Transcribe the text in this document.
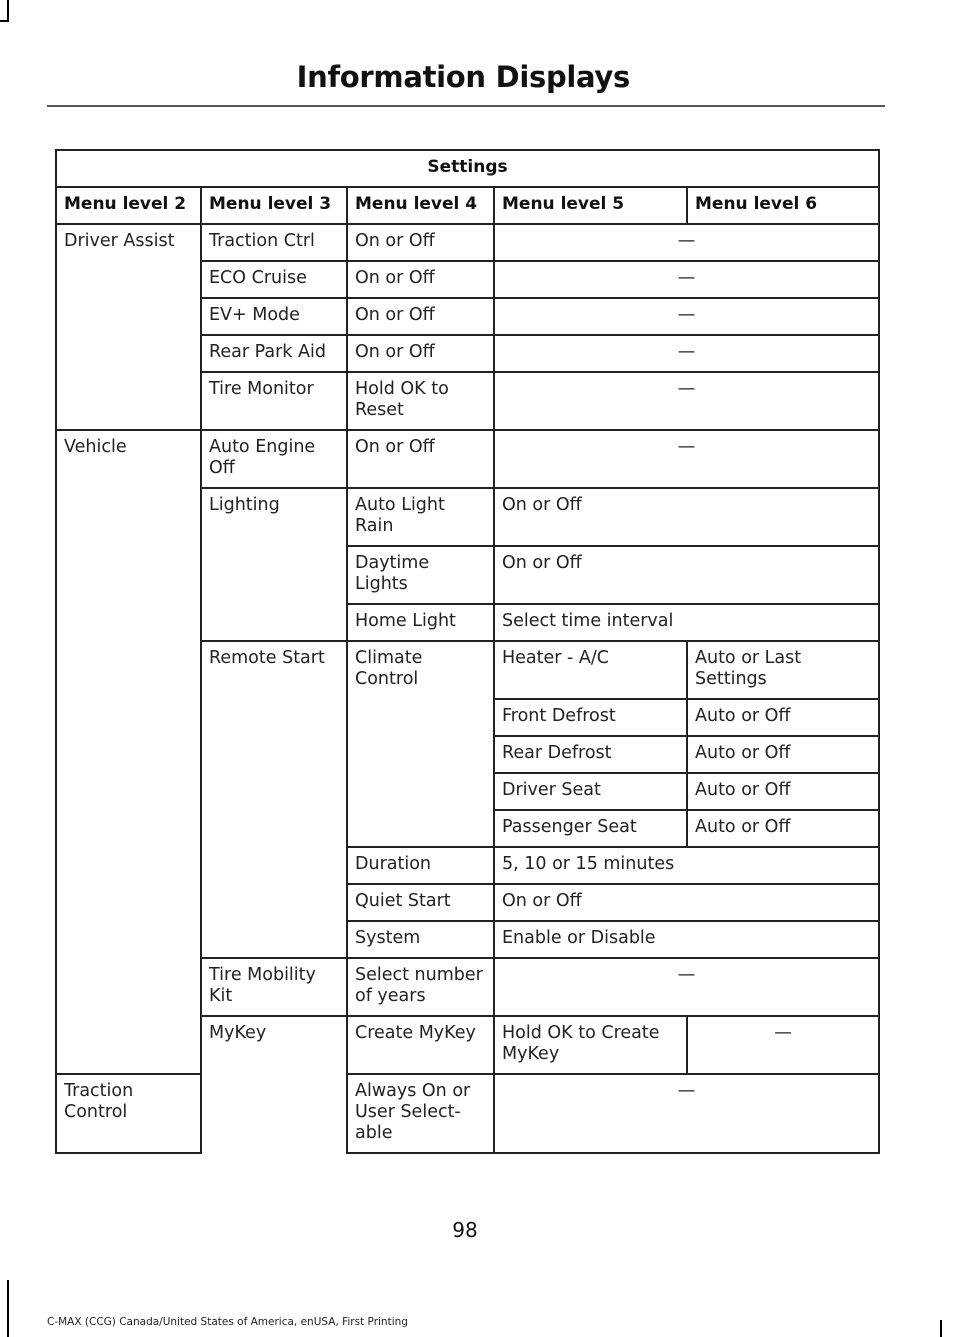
Information Displays
Settings				
Menu level 2	Menu level 3	Menu level 4	Menu level 5	Menu level 6
Driver Assist	Traction Ctrl	On or Off	—	
	ECO Cruise	On or Off	—	
	EV+ Mode	On or Off	—	
	Rear Park Aid	On or Off	—	
	Tire Monitor	Hold OK to Reset	—	
Vehicle	Auto Engine Off	On or Off	—	
	Lighting	Auto Light Rain	On or Off	
		Daytime Lights	On or Off	
		Home Light	Select time interval	
	Remote Start	Climate Control	Heater - A/C	Auto or Last Settings
			Front Defrost	Auto or Off
			Rear Defrost	Auto or Off
			Driver Seat	Auto or Off
			Passenger Seat	Auto or Off
		Duration	5, 10 or 15 minutes	
		Quiet Start	On or Off	
		System	Enable or Disable	
	Tire Mobility Kit	Select number of years	—	
	MyKey	Create MyKey	Hold OK to Create MyKey	—
Traction Control		Always On or User Select-able	—	
98
C-MAX (CCG) Canada/United States of America, enUSA, First Printing
